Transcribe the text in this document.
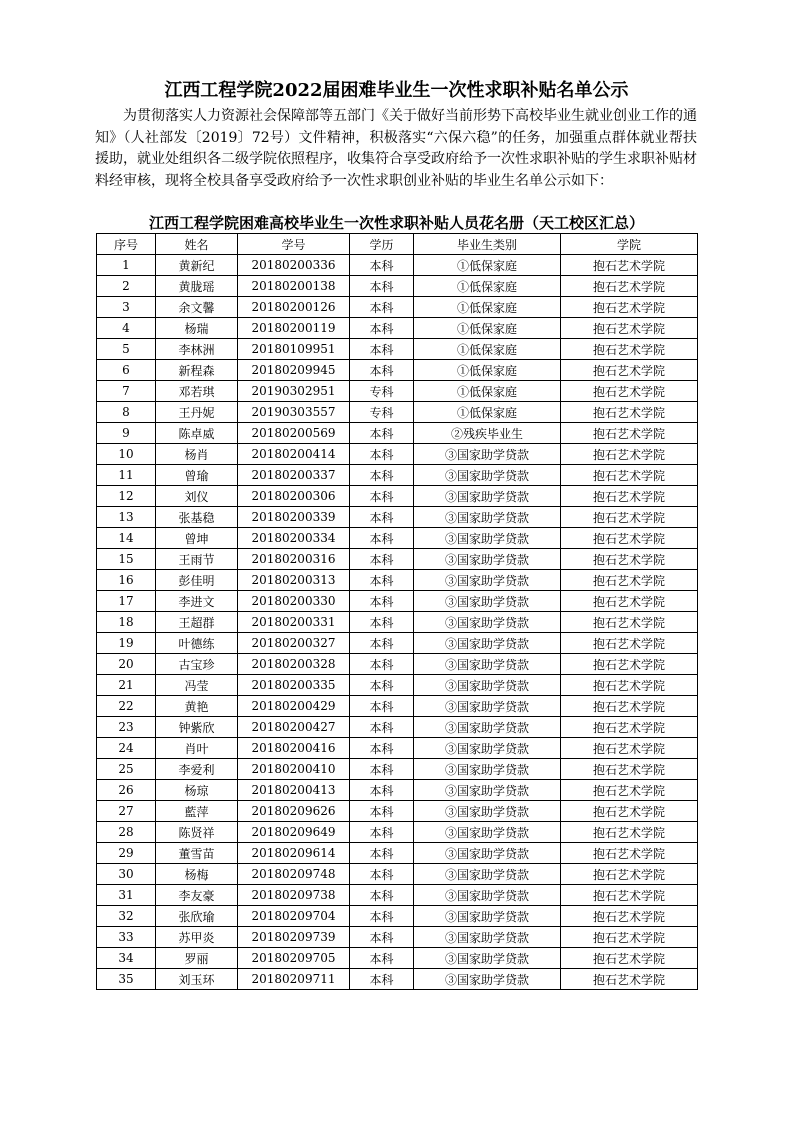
江西工程学院2022届困难毕业生一次性求职补贴名单公示
为贯彻落实人力资源社会保障部等五部门《关于做好当前形势下高校毕业生就业创业工作的通知》（人社部发〔2019〕72号）文件精神，积极落实“六保六稳”的任务，加强重点群体就业帮扶援助，就业处组织各二级学院依照程序，收集符合享受政府给予一次性求职补贴的学生求职补贴材料经审核，现将全校具备享受政府给予一次性求职创业补贴的毕业生名单公示如下：
江西工程学院困难高校毕业生一次性求职补贴人员花名册（天工校区汇总）
序号	姓名	学号	学历	毕业生类别	学院
1	黄新纪	20180200336	本科	①低保家庭	抱石艺术学院
2	黄胧瑶	20180200138	本科	①低保家庭	抱石艺术学院
3	余文馨	20180200126	本科	①低保家庭	抱石艺术学院
4	杨瑞	20180200119	本科	①低保家庭	抱石艺术学院
5	李林洲	20180109951	本科	①低保家庭	抱石艺术学院
6	新程森	20180209945	本科	①低保家庭	抱石艺术学院
7	邓若琪	20190302951	专科	①低保家庭	抱石艺术学院
8	王丹妮	20190303557	专科	①低保家庭	抱石艺术学院
9	陈卓威	20180200569	本科	②残疾毕业生	抱石艺术学院
10	杨肖	20180200414	本科	③国家助学贷款	抱石艺术学院
11	曾瑜	20180200337	本科	③国家助学贷款	抱石艺术学院
12	刘仪	20180200306	本科	③国家助学贷款	抱石艺术学院
13	张基稳	20180200339	本科	③国家助学贷款	抱石艺术学院
14	曾坤	20180200334	本科	③国家助学贷款	抱石艺术学院
15	王雨节	20180200316	本科	③国家助学贷款	抱石艺术学院
16	彭佳明	20180200313	本科	③国家助学贷款	抱石艺术学院
17	李进文	20180200330	本科	③国家助学贷款	抱石艺术学院
18	王超群	20180200331	本科	③国家助学贷款	抱石艺术学院
19	叶德练	20180200327	本科	③国家助学贷款	抱石艺术学院
20	古宝珍	20180200328	本科	③国家助学贷款	抱石艺术学院
21	冯莹	20180200335	本科	③国家助学贷款	抱石艺术学院
22	黄艳	20180200429	本科	③国家助学贷款	抱石艺术学院
23	钟紫欣	20180200427	本科	③国家助学贷款	抱石艺术学院
24	肖叶	20180200416	本科	③国家助学贷款	抱石艺术学院
25	李爱利	20180200410	本科	③国家助学贷款	抱石艺术学院
26	杨琼	20180200413	本科	③国家助学贷款	抱石艺术学院
27	藍萍	20180209626	本科	③国家助学贷款	抱石艺术学院
28	陈贤祥	20180209649	本科	③国家助学贷款	抱石艺术学院
29	董雪苗	20180209614	本科	③国家助学贷款	抱石艺术学院
30	杨梅	20180209748	本科	③国家助学贷款	抱石艺术学院
31	李友豪	20180209738	本科	③国家助学贷款	抱石艺术学院
32	张欣瑜	20180209704	本科	③国家助学贷款	抱石艺术学院
33	苏甲炎	20180209739	本科	③国家助学贷款	抱石艺术学院
34	罗丽	20180209705	本科	③国家助学贷款	抱石艺术学院
35	刘玉环	20180209711	本科	③国家助学贷款	抱石艺术学院
